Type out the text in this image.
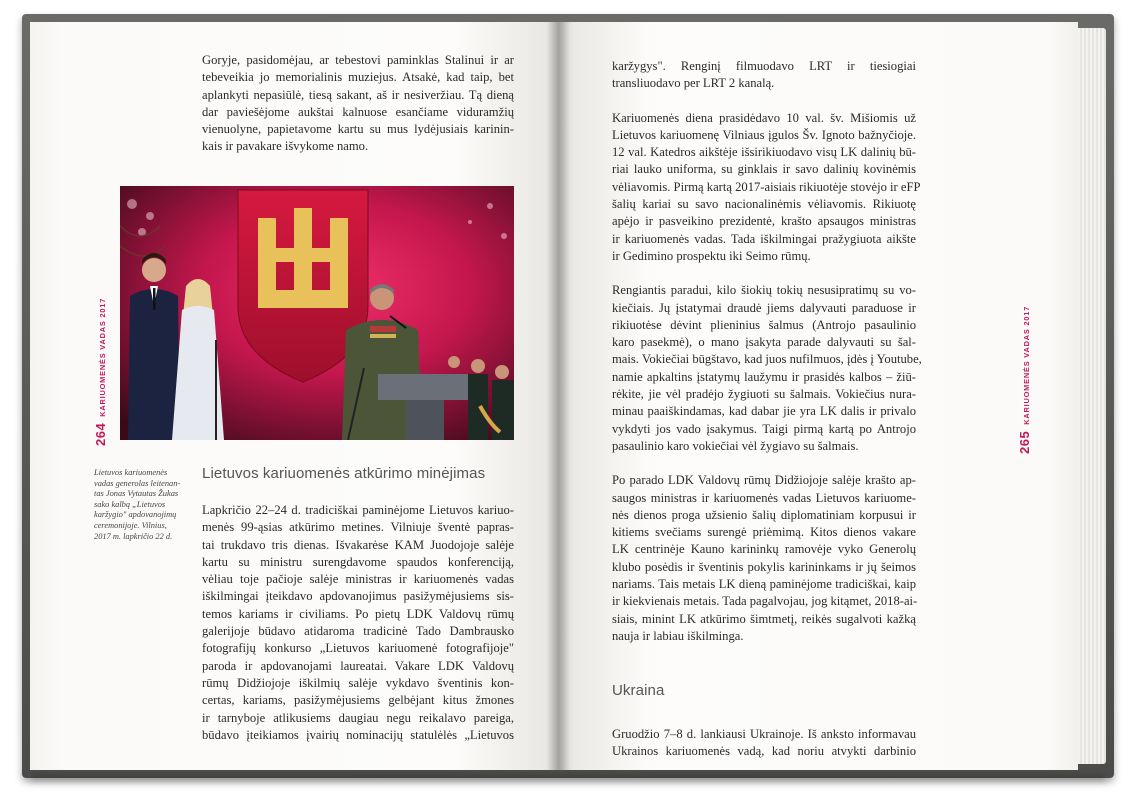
Goryje, pasidomėjau, ar tebestovi paminklas Stalinui ir ar
tebeveikia jo memorialinis muziejus. Atsakė, kad taip, bet
aplankyti nepasiūlė, tiesą sakant, aš ir nesiveržiau. Tą dieną
dar paviešėjome aukštai kalnuose esančiame viduramžių
vienuolyne, papietavome kartu su mus lydėjusiais karinin-
kais ir pavakare išvykome namo.
Lietuvos kariuomenės
vadas generolas leitenan-
tas Jonas Vytautas Žukas
sako kalbą „Lietuvos
karžygio" apdovanojimų
ceremonijoje. Vilnius,
2017 m. lapkričio 22 d.
Lietuvos kariuomenės atkūrimo minėjimas
Lapkričio 22–24 d. tradiciškai paminėjome Lietuvos kariuo-
menės 99-ąsias atkūrimo metines. Vilniuje šventė papras-
tai trukdavo tris dienas. Išvakarėse KAM Juodojoje salėje
kartu su ministru surengdavome spaudos konferenciją,
vėliau toje pačioje salėje ministras ir kariuomenės vadas
iškilmingai įteikdavo apdovanojimus pasižymėjusiems sis-
temos kariams ir civiliams. Po pietų LDK Valdovų rūmų
galerijoje būdavo atidaroma tradicinė Tado Dambrausko
fotografijų konkurso „Lietuvos kariuomenė fotografijoje"
paroda ir apdovanojami laureatai. Vakare LDK Valdovų
rūmų Didžiojoje iškilmių salėje vykdavo šventinis kon-
certas, kariams, pasižymėjusiems gelbėjant kitus žmones
ir tarnyboje atlikusiems daugiau negu reikalavo pareiga,
būdavo įteikiamos įvairių nominacijų statulėlės „Lietuvos
264KARIUOMENĖS VADAS 2017
karžygys". Renginį filmuodavo LRT ir tiesiogiai
transliuodavo per LRT 2 kanalą.
Kariuomenės diena prasidėdavo 10 val. šv. Mišiomis už
Lietuvos kariuomenę Vilniaus įgulos Šv. Ignoto bažnyčioje.
12 val. Katedros aikštėje išsirikiuodavo visų LK dalinių bū-
riai lauko uniforma, su ginklais ir savo dalinių kovinėmis
vėliavomis. Pirmą kartą 2017-aisiais rikiuotėje stovėjo ir eFP
šalių kariai su savo nacionalinėmis vėliavomis. Rikiuotę
apėjo ir pasveikino prezidentė, krašto apsaugos ministras
ir kariuomenės vadas. Tada iškilmingai pražygiuota aikšte
ir Gedimino prospektu iki Seimo rūmų.
Rengiantis paradui, kilo šiokių tokių nesusipratimų su vo-
kiečiais. Jų įstatymai draudė jiems dalyvauti paraduose ir
rikiuotėse dėvint plieninius šalmus (Antrojo pasaulinio
karo pasekmė), o mano įsakyta parade dalyvauti su šal-
mais. Vokiečiai būgštavo, kad juos nufilmuos, įdės į Youtube,
namie apkaltins įstatymų laužymu ir prasidės kalbos – žiū-
rėkite, jie vėl pradėjo žygiuoti su šalmais. Vokiečius nura-
minau paaiškindamas, kad dabar jie yra LK dalis ir privalo
vykdyti jos vado įsakymus. Taigi pirmą kartą po Antrojo
pasaulinio karo vokiečiai vėl žygiavo su šalmais.
Po parado LDK Valdovų rūmų Didžiojoje salėje krašto ap-
saugos ministras ir kariuomenės vadas Lietuvos kariuome-
nės dienos proga užsienio šalių diplomatiniam korpusui ir
kitiems svečiams surengė priėmimą. Kitos dienos vakare
LK centrinėje Kauno karininkų ramovėje vyko Generolų
klubo posėdis ir šventinis pokylis karininkams ir jų šeimos
nariams. Tais metais LK dieną paminėjome tradiciškai, kaip
ir kiekvienais metais. Tada pagalvojau, jog kitąmet, 2018-ai-
siais, minint LK atkūrimo šimtmetį, reikės sugalvoti kažką
nauja ir labiau iškilminga.
Ukraina
Gruodžio 7–8 d. lankiausi Ukrainoje. Iš anksto informavau
Ukrainos kariuomenės vadą, kad noriu atvykti darbinio
265KARIUOMENĖS VADAS 2017
